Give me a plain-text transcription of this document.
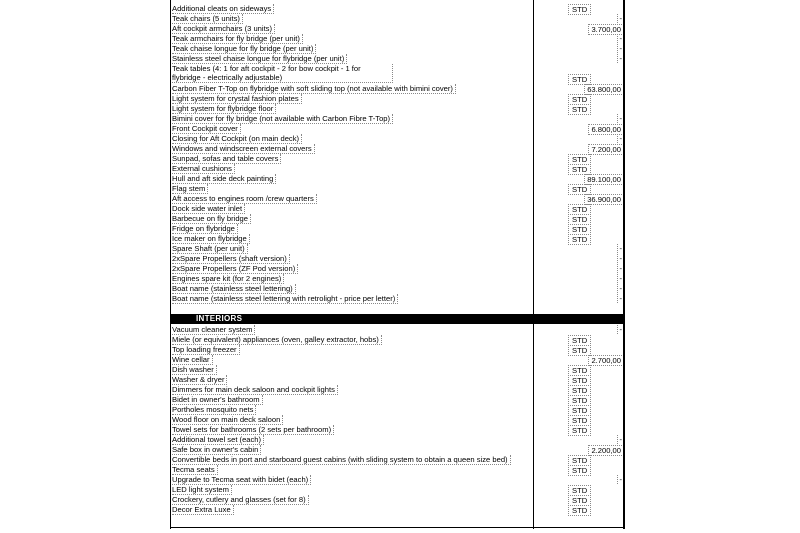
Additional cleats on sideways	STD
Teak chairs (5 units)	-
Aft cockpit armchairs (3 units)	3.700,00
Teak armchairs for fly bridge (per unit)	-
Teak chaise longue for fly bridge (per unit)	-
Stainless steel chaise longue for flybridge (per unit)	-
Teak tables (4: 1 for aft cockpit - 2 for bow cockpit - 1 for flybridge - electrically adjustable)	STD
Carbon Fiber T-Top on flybridge with soft sliding top (not available with bimini cover)	63.800,00
Light system for crystal fashion plates	STD
Light system for flybridge floor	STD
Bimini cover for fly bridge (not available with Carbon Fibre T-Top)	-
Front Cockpit cover	6.800,00
Closing for Aft Cockpit (on main deck)	-
Windows and windscreen external covers	7.200,00
Sunpad, sofas and table covers	STD
External cushions	STD
Hull and aft side deck painting	89.100,00
Flag stem	STD
Aft access to engines room /crew quarters	36.900,00
Dock side water inlet	STD
Barbecue on fly bridge	STD
Fridge on flybridge	STD
Ice maker on flybridge	STD
Spare Shaft (per unit)	-
2xSpare Propellers (shaft version)	-
2xSpare Propellers (ZF Pod version)	-
Engines spare kit (for 2 engines)	-
Boat name (stainless steel lettering)	-
Boat name (stainless steel lettering with retrolight - price per letter)	-
INTERIORS
Vacuum cleaner system	-
Miele (or equivalent) appliances (oven, galley extractor, hobs)	STD
Top loading freezer	STD
Wine cellar	2.700,00
Dish washer	STD
Washer & dryer	STD
Dimmers for main deck saloon and cockpit lights	STD
Bidet in owner's bathroom	STD
Portholes mosquito nets	STD
Wood floor on main deck saloon	STD
Towel sets for bathrooms (2 sets per bathroom)	STD
Additional towel set (each)	-
Safe box in owner's cabin	2.200,00
Convertible beds in port and starboard guest cabins (with sliding system to obtain a queen size bed)	STD
Tecma seats	STD
Upgrade to Tecma seat with bidet (each)	-
LED light system	STD
Crockery, cutlery and glasses (set for 8)	STD
Decor Extra Luxe	STD
